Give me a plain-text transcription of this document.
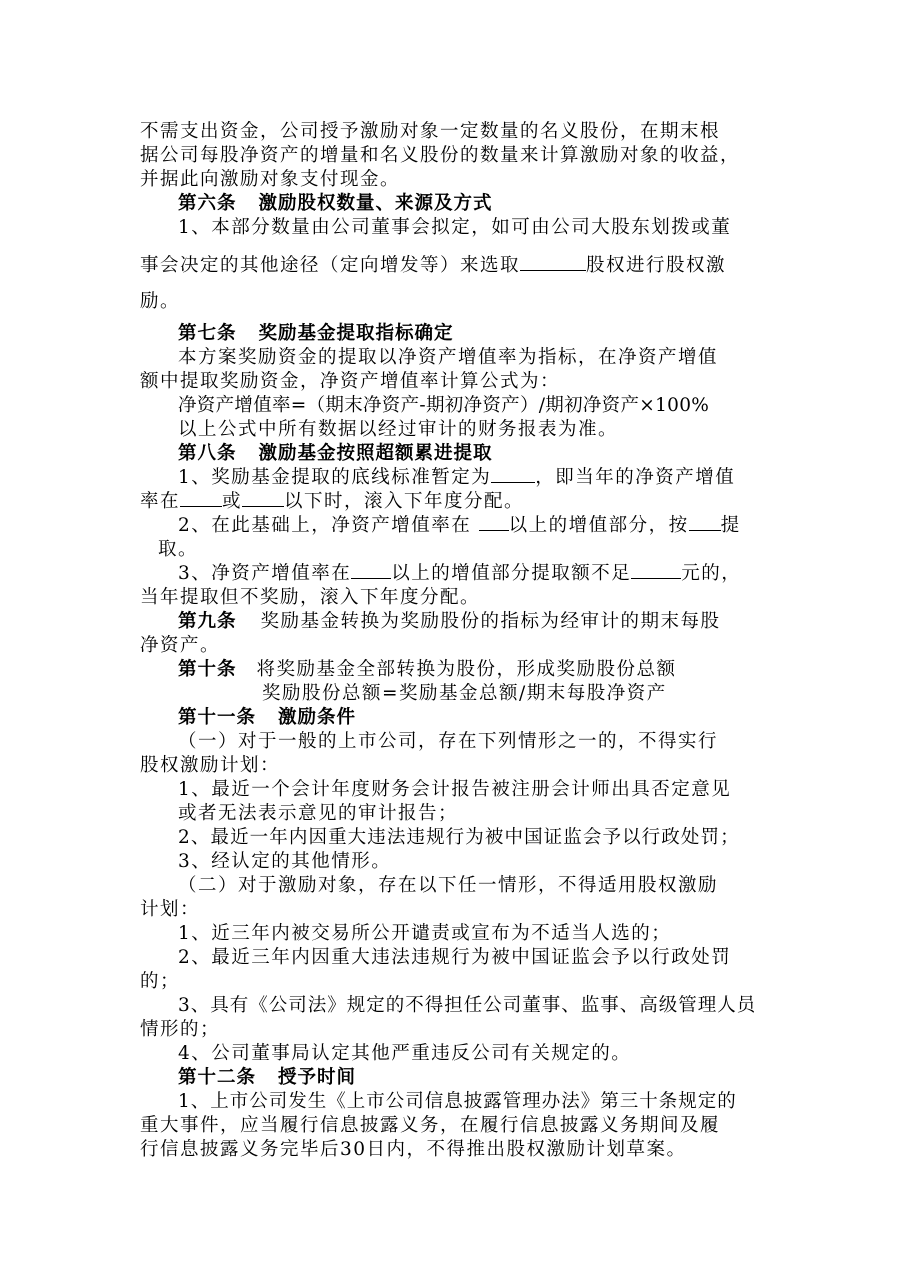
不需支出资金，公司授予激励对象一定数量的名义股份，在期末根
据公司每股净资产的增量和名义股份的数量来计算激励对象的收益，
并据此向激励对象支付现金。
第六条 激励股权数量、来源及方式
1、本部分数量由公司董事会拟定，如可由公司大股东划拨或董
事会决定的其他途径（定向增发等）来选取	股权进行股权激
励。
第七条 奖励基金提取指标确定
本方案奖励资金的提取以净资产增值率为指标，在净资产增值
额中提取奖励资金，净资产增值率计算公式为：
净资产增值率=（期末净资产-期初净资产）/期初净资产×100%
以上公式中所有数据以经过审计的财务报表为准。
第八条 激励基金按照超额累进提取
1、奖励基金提取的底线标准暂定为 ，即当年的净资产增值
率在 或 以下时，滚入下年度分配。
2、在此基础上，净资产增值率在 以上的增值部分，按 提
取。
3、净资产增值率在 以上的增值部分提取额不足	元的，
当年提取但不奖励，滚入下年度分配。
第九条 奖励基金转换为奖励股份的指标为经审计的期末每股
净资产。
第十条 将奖励基金全部转换为股份，形成奖励股份总额
奖励股份总额=奖励基金总额/期末每股净资产
第十一条 激励条件
（一）对于一般的上市公司，存在下列情形之一的，不得实行
股权激励计划：
1、最近一个会计年度财务会计报告被注册会计师出具否定意见
或者无法表示意见的审计报告；
2、最近一年内因重大违法违规行为被中国证监会予以行政处罚；
3、经认定的其他情形。
（二）对于激励对象，存在以下任一情形，不得适用股权激励
计划：
1、近三年内被交易所公开谴责或宣布为不适当人选的；
2、最近三年内因重大违法违规行为被中国证监会予以行政处罚
的；
3、具有《公司法》规定的不得担任公司董事、监事、高级管理人员
情形的；
4、公司董事局认定其他严重违反公司有关规定的。
第十二条 授予时间
1、上市公司发生《上市公司信息披露管理办法》第三十条规定的
重大事件，应当履行信息披露义务，在履行信息披露义务期间及履
行信息披露义务完毕后30日内，不得推出股权激励计划草案。
